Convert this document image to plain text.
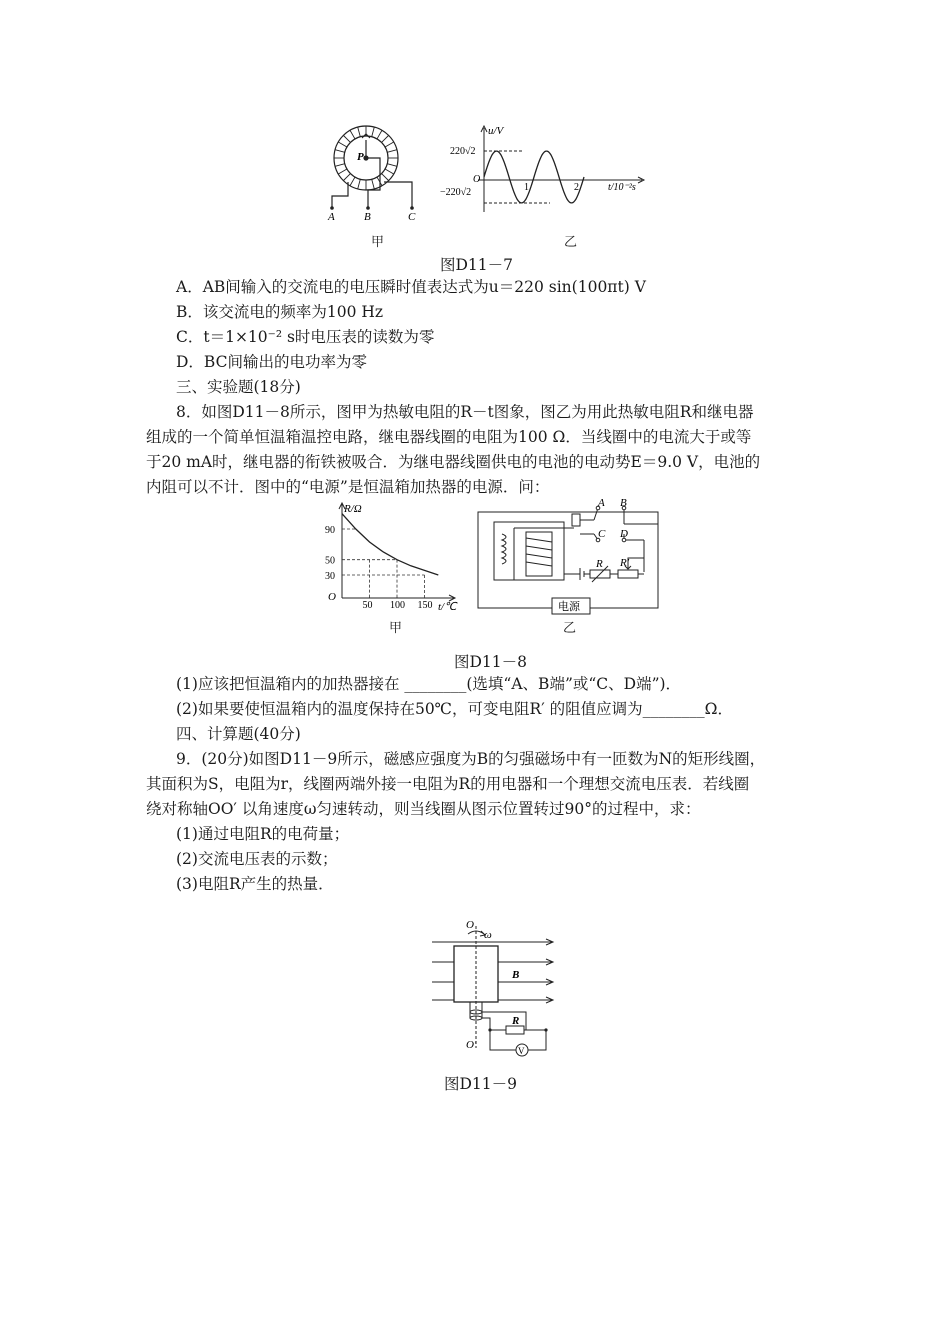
P
A	B	C
甲
u/V
220√2
O
−220√2	1	2	t/10⁻²s
乙
图D11－7
A．AB间输入的交流电的电压瞬时值表达式为u＝220 sin(100πt) V
B．该交流电的频率为100 Hz
C．t＝1×10⁻² s时电压表的读数为零
D．BC间输出的电功率为零
三、实验题(18分)
8．如图D11－8所示，图甲为热敏电阻的R－t图象，图乙为用此热敏电阻R和继电器
组成的一个简单恒温箱温控电路，继电器线圈的电阻为100 Ω．当线圈中的电流大于或等
于20 mA时，继电器的衔铁被吸合．为继电器线圈供电的电池的电动势E＝9.0 V，电池的
内阻可以不计．图中的“电源”是恒温箱加热器的电源．问：
30
50
90
50 100 150
R/Ω
t/℃
O
甲
A B
C D
R R′
电源
乙
图D11－8
(1)应该把恒温箱内的加热器接在 ________(选填“A、B端”或“C、D端”)．
(2)如果要使恒温箱内的温度保持在50℃，可变电阻R′ 的阻值应调为________Ω．
四、计算题(40分)
9．(20分)如图D11－9所示，磁感应强度为B的匀强磁场中有一匝数为N的矩形线圈，
其面积为S，电阻为r，线圈两端外接一电阻为R的用电器和一个理想交流电压表．若线圈
绕对称轴OO′ 以角速度ω匀速转动，则当线圈从图示位置转过90°的过程中，求：
(1)通过电阻R的电荷量；
(2)交流电压表的示数；
(3)电阻R产生的热量．
O
ω
B
R
O′	V
图D11－9
